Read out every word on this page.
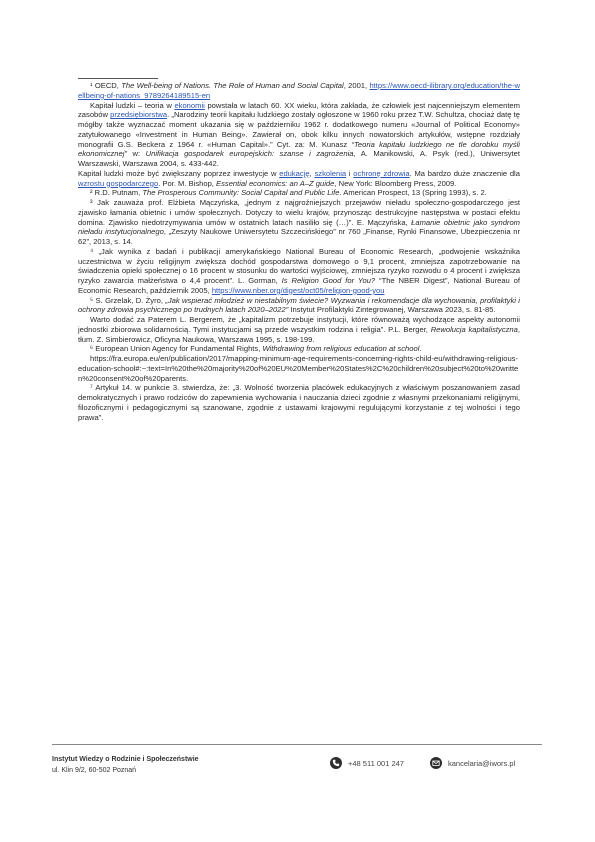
¹ OECD, The Well-being of Nations. The Role of Human and Social Capital, 2001, https://www.oecd-ilibrary.org/education/the-wellbeing-of-nations_9789264189515-en

Kapitał ludzki – teoria w ekonomii powstała w latach 60. XX wieku, która zakłada, że człowiek jest najcenniejszym elementem zasobów przedsiębiorstwa. „Narodziny teorii kapitału ludzkiego zostały ogłoszone w 1960 roku przez T.W. Schultza, chociaż datę tę mógłby także wyznaczać moment ukazania się w październiku 1962 r. dodatkowego numeru «Journal of Political Economy» zatytułowanego «Investment in Human Being». Zawierał on, obok kilku innych nowatorskich artykułów, wstępne rozdziały monografii G.S. Beckera z 1964 r. «Human Capital».” Cyt. za: M. Kunasz “Teoria kapitału ludzkiego ne tle dorobku myśli ekonomicznej” w: Unifikacja gospodarek europejskich: szanse i zagrożenia, A. Manikowski, A. Psyk (red.), Uniwersytet Warszawski, Warszawa 2004, s. 433-442.

Kapitał ludzki może być zwiększany poprzez inwestycje w edukację, szkolenia i ochronę zdrowia. Ma bardzo duże znaczenie dla wzrostu gospodarczego. Por. M. Bishop, Essential economics: an A–Z guide, New York: Bloomberg Press, 2009.

² R.D. Putnam, The Prosperous Community: Social Capital and Public Life. American Prospect, 13 (Spring 1993), s. 2.

³ Jak zauważa prof. Elżbieta Mączyńska, „jednym z najgroźniejszych przejawów nieładu społeczno-gospodarczego jest zjawisko łamania obietnic i umów społecznych. Dotyczy to wielu krajów, przynosząc destrukcyjne następstwa w postaci efektu domina. Zjawisko niedotrzymywania umów w ostatnich latach nasiliło się (…)”. E. Mączyńska, Łamanie obietnic jako syndrom nieładu instytucjonalnego, „Zeszyty Naukowe Uniwersytetu Szczecińskiego” nr 760 „Finanse, Rynki Finansowe, Ubezpieczenia nr 62”, 2013, s. 14.

⁴ „Jak wynika z badań i publikacji amerykańskiego National Bureau of Economic Research, „podwojenie wskaźnika uczestnictwa w życiu religijnym zwiększa dochód gospodarstwa domowego o 9,1 procent, zmniejsza zapotrzebowanie na świadczenia opieki społecznej o 16 procent w stosunku do wartości wyjściowej, zmniejsza ryzyko rozwodu o 4 procent i zwiększa ryzyko zawarcia małżeństwa o 4,4 procent”. L. Gorman, Is Religion Good for You? “The NBER Digest”, National Bureau of Economic Research, październik 2005, https://www.nber.org/digest/oct05/religion-good-you

⁵ S. Grzelak, D. Żyro, „Jak wspierać młodzież w niestabilnym świecie? Wyzwania i rekomendacje dla wychowania, profilaktyki i ochrony zdrowia psychicznego po trudnych latach 2020–2022” Instytut Profilaktyki Zintegrowanej, Warszawa 2023, s. 81-85.

Warto dodać za Paterem L. Bergerem, że „kapitalizm potrzebuje instytucji, które równoważą wychodzące aspekty autonomii jednostki zbiorowa solidarnością. Tymi instytucjami są przede wszystkim rodzina i religia”. P.L. Berger, Rewolucja kapitalistyczna, tłum. Z. Simbierowicz, Oficyna Naukowa, Warszawa 1995, s. 198-199.

⁶ European Union Agency for Fundamental Rights, Withdrawing from religious education at school.

https://fra.europa.eu/en/publication/2017/mapping-minimum-age-requirements-concerning-rights-child-eu/withdrawing-religious-education-school#:~:text=In%20the%20majority%20of%20EU%20Member%20States%2C%20children%20subject%20to%20written%20consent%20of%20parents.

⁷ Artykuł 14. w punkcie 3. stwierdza, że: „3. Wolność tworzenia placówek edukacyjnych z właściwym poszanowaniem zasad demokratycznych i prawo rodziców do zapewnienia wychowania i nauczania dzieci zgodnie z własnymi przekonaniami religijnymi, filozoficznymi i pedagogicznymi są szanowane, zgodnie z ustawami krajowymi regulującymi korzystanie z tej wolności i tego prawa”.

Instytut Wiedzy o Rodzinie i Społeczeństwie
ul. Klin 9/2, 60-502 Poznań
+48 511 001 247	kancelaria@iwors.pl
